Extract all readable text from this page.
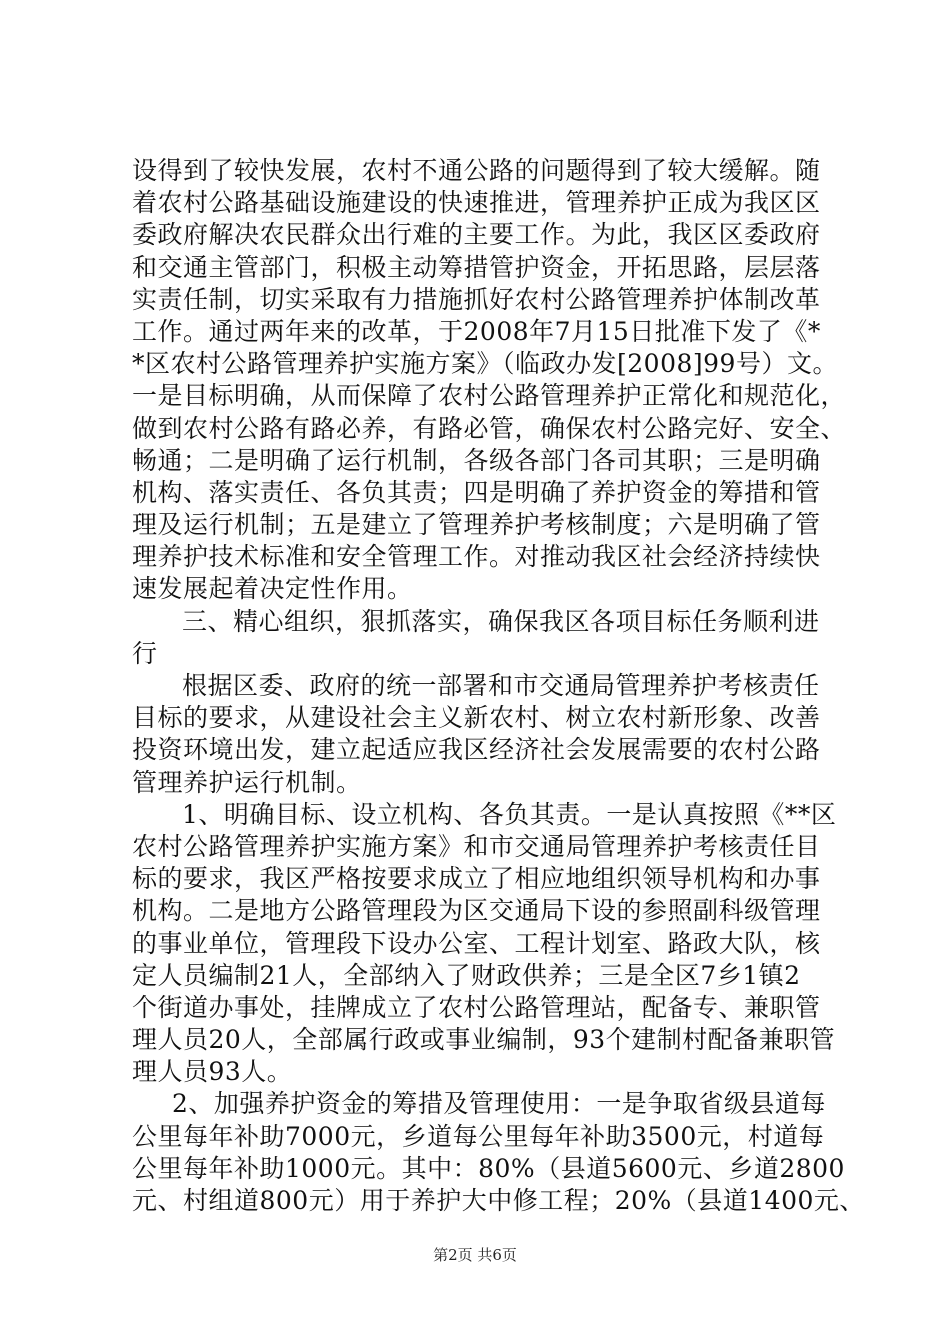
设得到了较快发展，农村不通公路的问题得到了较大缓解。随
着农村公路基础设施建设的快速推进，管理养护正成为我区区
委政府解决农民群众出行难的主要工作。为此，我区区委政府
和交通主管部门，积极主动筹措管护资金，开拓思路，层层落
实责任制，切实采取有力措施抓好农村公路管理养护体制改革
工作。通过两年来的改革，于2008年7月15日批准下发了《*
*区农村公路管理养护实施方案》（临政办发[2008]99号）文。
一是目标明确，从而保障了农村公路管理养护正常化和规范化，
做到农村公路有路必养，有路必管，确保农村公路完好、安全、
畅通；二是明确了运行机制，各级各部门各司其职；三是明确
机构、落实责任、各负其责；四是明确了养护资金的筹措和管
理及运行机制；五是建立了管理养护考核制度；六是明确了管
理养护技术标准和安全管理工作。对推动我区社会经济持续快
速发展起着决定性作用。
三、精心组织，狠抓落实，确保我区各项目标任务顺利进
行
根据区委、政府的统一部署和市交通局管理养护考核责任
目标的要求，从建设社会主义新农村、树立农村新形象、改善
投资环境出发，建立起适应我区经济社会发展需要的农村公路
管理养护运行机制。
1、明确目标、设立机构、各负其责。一是认真按照《**区
农村公路管理养护实施方案》和市交通局管理养护考核责任目
标的要求，我区严格按要求成立了相应地组织领导机构和办事
机构。二是地方公路管理段为区交通局下设的参照副科级管理
的事业单位，管理段下设办公室、工程计划室、路政大队，核
定人员编制21人，全部纳入了财政供养；三是全区7乡1镇2
个街道办事处，挂牌成立了农村公路管理站，配备专、兼职管
理人员20人，全部属行政或事业编制，93个建制村配备兼职管
理人员93人。
2、加强养护资金的筹措及管理使用：一是争取省级县道每
公里每年补助7000元，乡道每公里每年补助3500元，村道每
公里每年补助1000元。其中：80%（县道5600元、乡道2800
元、村组道800元）用于养护大中修工程；20%（县道1400元、
第2页 共6页
